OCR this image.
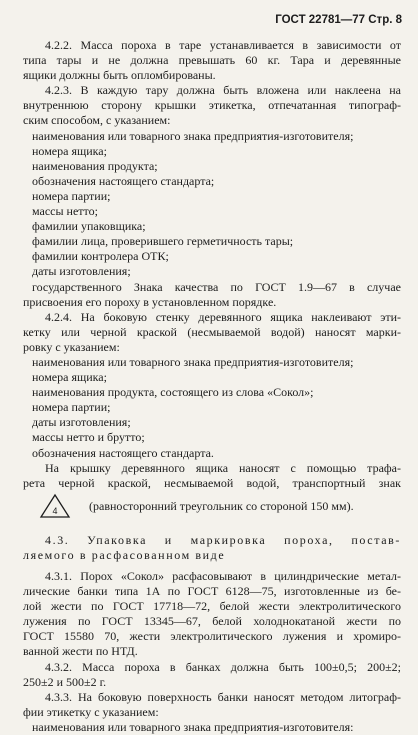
ГОСТ 22781—77 Стр. 8
4.2.2. Масса пороха в таре устанавливается в зависимости от
типа тары и не должна превышать 60 кг. Тара и деревянные
ящики должны быть опломбированы.
4.2.3. В каждую тару должна быть вложена или наклеена на
внутреннюю сторону крышки этикетка, отпечатанная типограф-
ским способом, с указанием:
наименования или товарного знака предприятия-изготовителя;
номера ящика;
наименования продукта;
обозначения настоящего стандарта;
номера партии;
массы нетто;
фамилии упаковщика;
фамилии лица, проверившего герметичность тары;
фамилии контролера ОТК;
даты изготовления;
государственного Знака качества по ГОСТ 1.9—67 в случае
присвоения его пороху в установленном порядке.
4.2.4. На боковую стенку деревянного ящика наклеивают эти-
кетку или черной краской (несмываемой водой) наносят марки-
ровку с указанием:
наименования или товарного знака предприятия-изготовителя;
номера ящика;
наименования продукта, состоящего из слова «Сокол»;
номера партии;
даты изготовления;
массы нетто и брутто;
обозначения настоящего стандарта.
На крышку деревянного ящика наносят с помощью трафа-
рета черной краской, несмываемой водой, транспортный знак
4	(равносторонний треугольник со стороной 150 мм).
4.3. Упаковка и маркировка пороха, постав-
ляемого в расфасованном виде
4.3.1. Порох «Сокол» расфасовывают в цилиндрические метал-
лические банки типа 1А по ГОСТ 6128—75, изготовленные из бе-
лой жести по ГОСТ 17718—72, белой жести электролитического
лужения по ГОСТ 13345—67, белой холоднокатаной жести по
ГОСТ 15580 70, жести электролитического лужения и хромиро-
ванной жести по НТД.
4.3.2. Масса пороха в банках должна быть 100±0,5; 200±2;
250±2 и 500±2 г.
4.3.3. На боковую поверхность банки наносят методом литограф-
фии этикетку с указанием:
наименования или товарного знака предприятия-изготовителя:
